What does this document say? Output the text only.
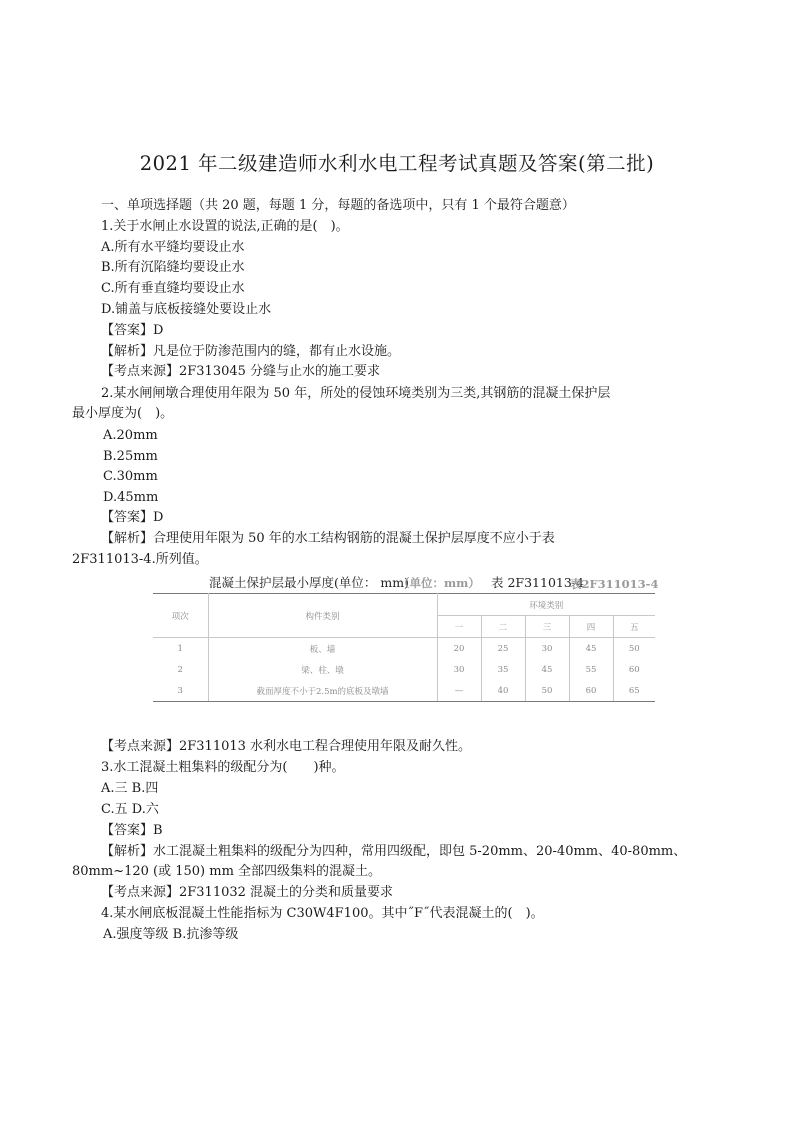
2021 年二级建造师水利水电工程考试真题及答案(第二批)
一、单项选择题（共 20 题，每题 1 分，每题的备选项中，只有 1 个最符合题意）
1.关于水闸止水设置的说法,正确的是(　)。
A.所有水平缝均要设止水
B.所有沉陷缝均要设止水
C.所有垂直缝均要设止水
D.铺盖与底板接缝处要设止水
【答案】D
【解析】凡是位于防渗范围内的缝，都有止水设施。
【考点来源】2F313045 分缝与止水的施工要求
2.某水闸闸墩合理使用年限为 50 年，所处的侵蚀环境类别为三类,其钢筋的混凝土保护层
最小厚度为(　)。
A.20mm
B.25mm
C.30mm
D.45mm
【答案】D
【解析】合理使用年限为 50 年的水工结构钢筋的混凝土保护层厚度不应小于表
2F311013-4.所列值。
混凝土保护层最小厚度(单位： mm)
（单位：mm） 表 2F311013-4
表2F311013-4
项次	构件类别	环境类别				
		一	二	三	四	五
1	板、墙	20	25	30	45	50
2	梁、柱、墩	30	35	45	55	60
3	截面厚度不小于2.5m的底板及墩墙	—	40	50	60	65
【考点来源】2F311013 水利水电工程合理使用年限及耐久性。
3.水工混凝土粗集料的级配分为(　　)种。
A.三 B.四
C.五 D.六
【答案】B
【解析】水工混凝土粗集料的级配分为四种，常用四级配，即包 5-20mm、20-40mm、40-80mm、
80mm~120 (或 150) mm 全部四级集料的混凝土。
【考点来源】2F311032 混凝土的分类和质量要求
4.某水闸底板混凝土性能指标为 C30W4F100。其中˝F˝代表混凝土的(　)。
A.强度等级 B.抗渗等级
